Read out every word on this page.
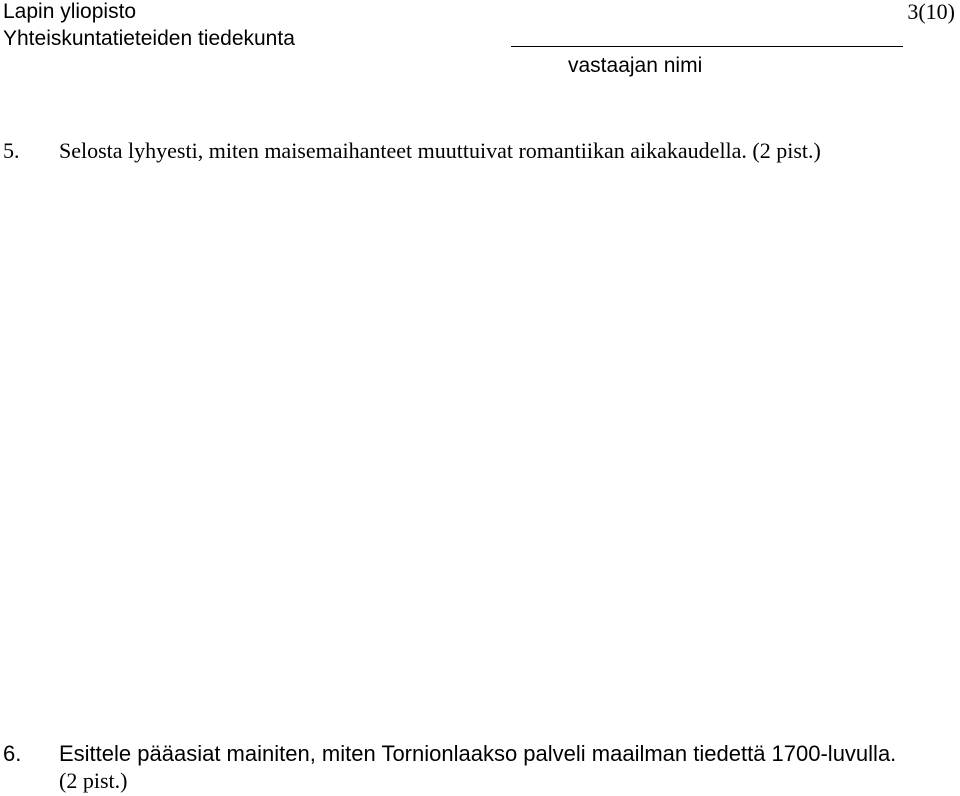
Lapin yliopisto
Yhteiskuntatieteiden tiedekunta
3(10)
vastaajan nimi
5. Selosta lyhyesti, miten maisemaihanteet muuttuivat romantiikan aikakaudella. (2 pist.)
6. Esittele pääasiat mainiten, miten Tornionlaakso palveli maailman tiedettä 1700-luvulla.
(2 pist.)
